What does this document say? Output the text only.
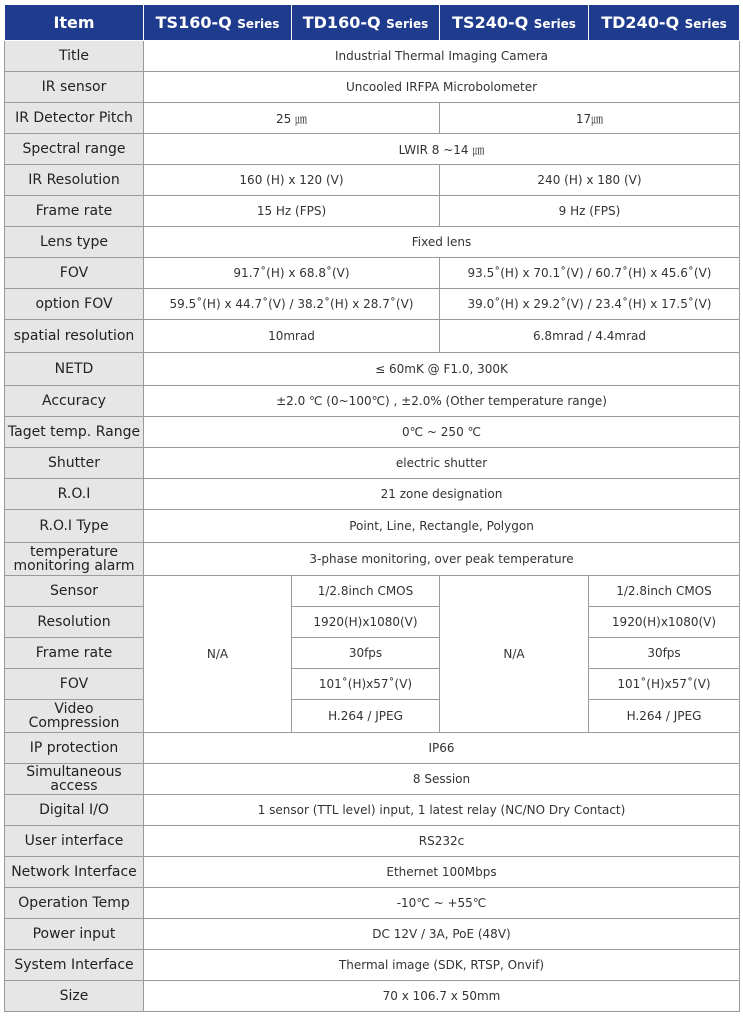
Item	TS160-Q Series	TD160-Q Series	TS240-Q Series	TD240-Q Series
Title	Industrial Thermal Imaging Camera			
IR sensor	Uncooled IRFPA Microbolometer			
IR Detector Pitch	25 ㎛		17㎛	
Spectral range	LWIR 8 ~14 ㎛			
IR Resolution	160 (H) x 120 (V)		240 (H) x 180 (V)	
Frame rate	15 Hz (FPS)		9 Hz (FPS)	
Lens type	Fixed lens			
FOV	91.7˚(H) x 68.8˚(V)		93.5˚(H) x 70.1˚(V) / 60.7˚(H) x 45.6˚(V)	
option FOV	59.5˚(H) x 44.7˚(V) / 38.2˚(H) x 28.7˚(V)		39.0˚(H) x 29.2˚(V) / 23.4˚(H) x 17.5˚(V)	
spatial resolution	10mrad		6.8mrad / 4.4mrad	
NETD	≤ 60mK @ F1.0, 300K			
Accuracy	±2.0 ℃ (0~100℃) , ±2.0% (Other temperature range)			
Taget temp. Range	0℃ ~ 250 ℃			
Shutter	electric shutter			
R.O.I	21 zone designation			
R.O.I Type	Point, Line, Rectangle, Polygon			
temperature monitoring alarm	3-phase monitoring, over peak temperature			
Sensor	N/A	1/2.8inch CMOS	N/A	1/2.8inch CMOS
Resolution		1920(H)x1080(V)		1920(H)x1080(V)
Frame rate		30fps		30fps
FOV		101˚(H)x57˚(V)		101˚(H)x57˚(V)
Video Compression		H.264 / JPEG		H.264 / JPEG
IP protection	IP66			
Simultaneous access	8 Session			
Digital I/O	1 sensor (TTL level) input, 1 latest relay (NC/NO Dry Contact)			
User interface	RS232c			
Network Interface	Ethernet 100Mbps			
Operation Temp	-10℃ ~ +55℃			
Power input	DC 12V / 3A, PoE (48V)			
System Interface	Thermal image (SDK, RTSP, Onvif)			
Size	70 x 106.7 x 50mm			
